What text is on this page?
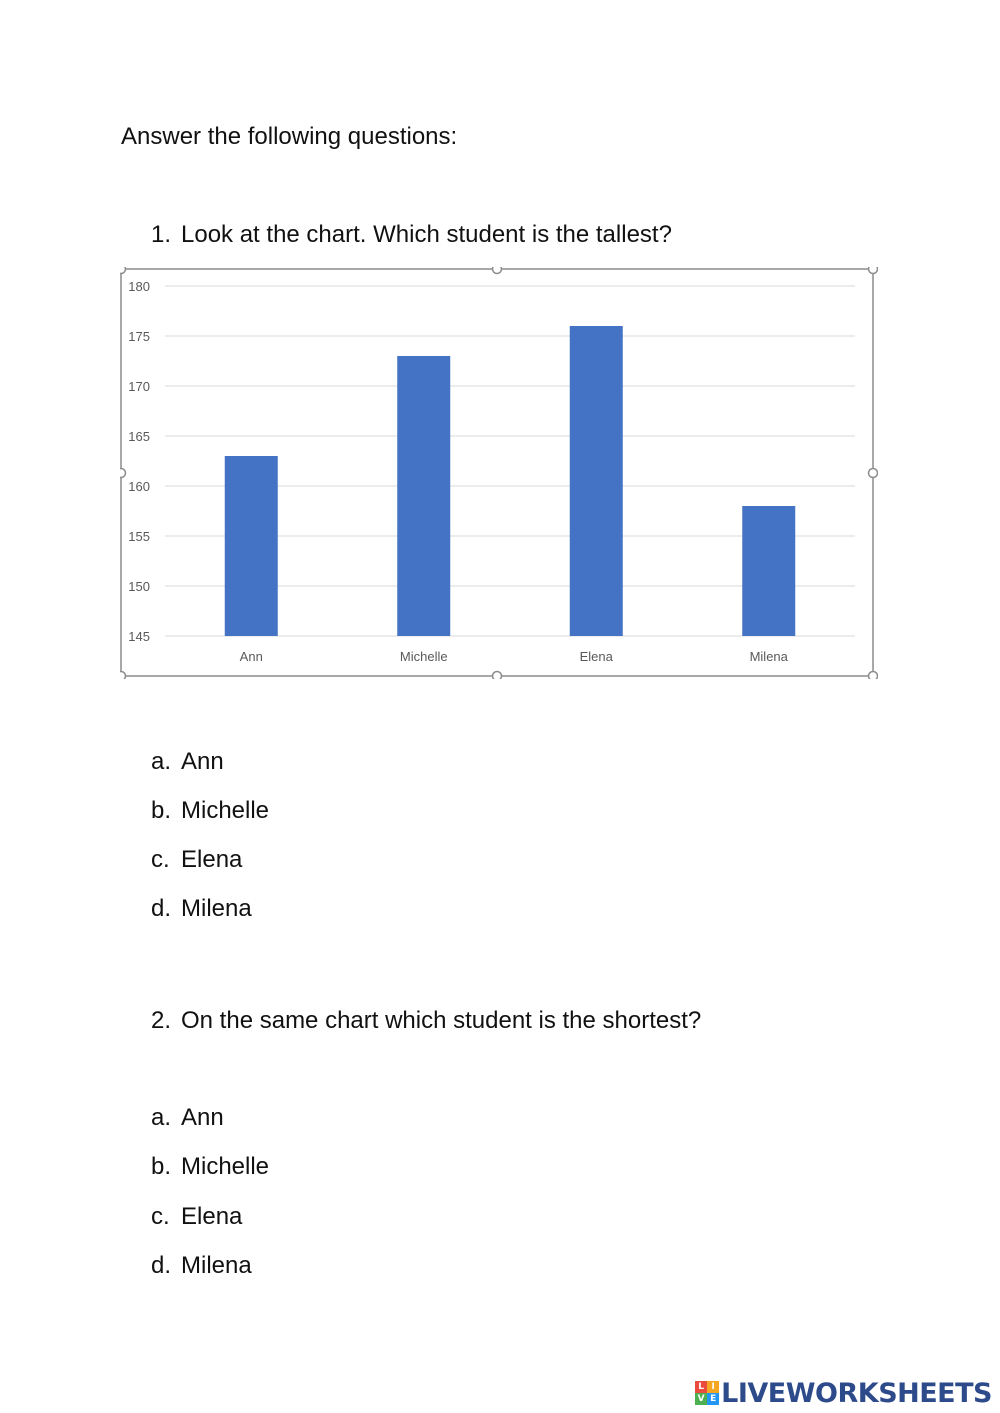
Answer the following questions:
1. Look at the chart. Which student is the tallest?
145
150
155
160
165
170
175
180
Ann	Michelle	Elena	Milena
a. Ann
b. Michelle
c. Elena
d. Milena
2. On the same chart which student is the shortest?
a. Ann
b. Michelle
c. Elena
d. Milena
L I
V E LIVEWORKSHEETS
